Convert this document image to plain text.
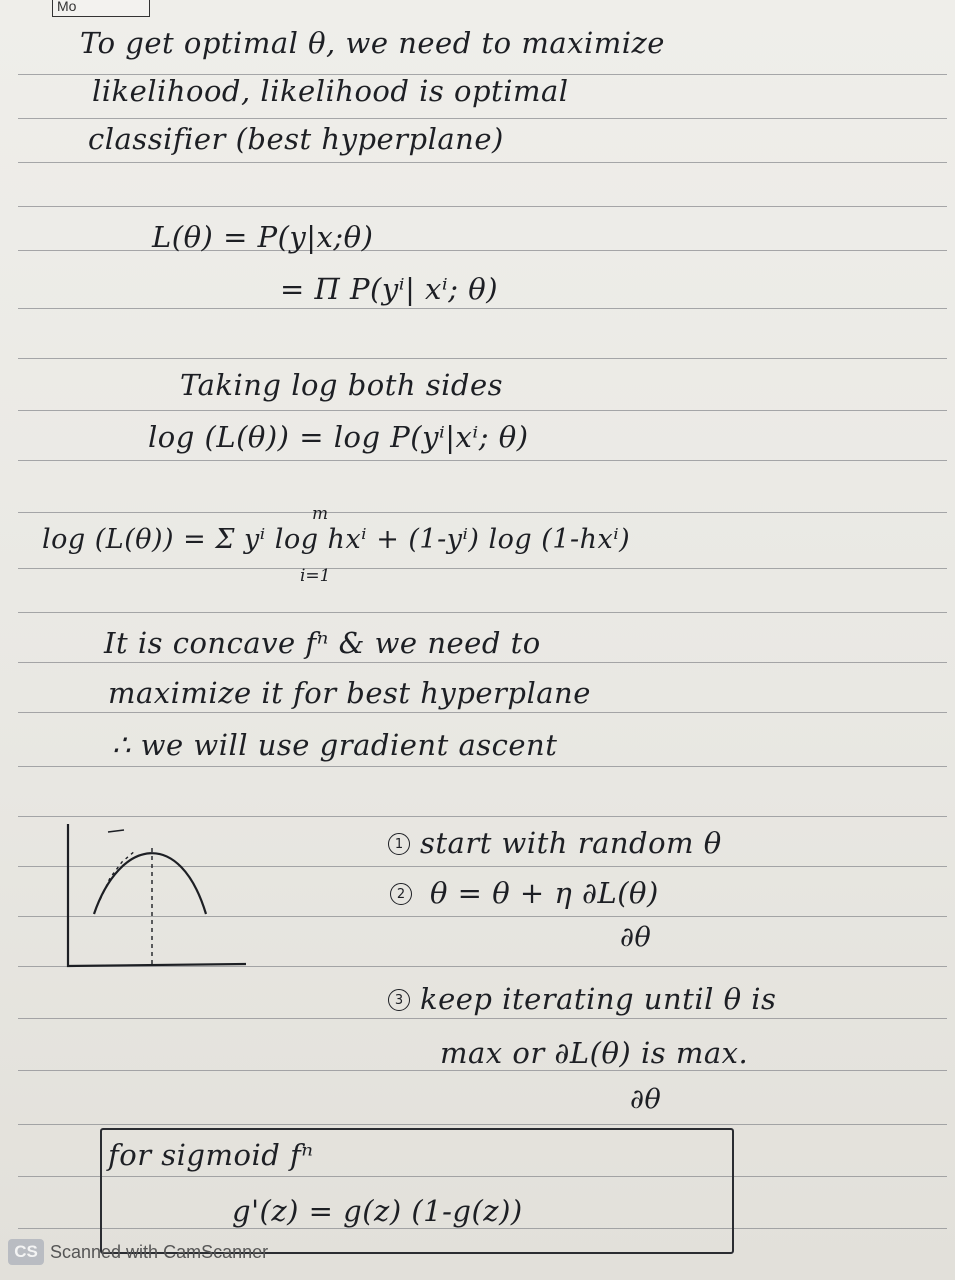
Mo
To get optimal θ, we need to maximize
likelihood, likelihood is optimal
classifier (best hyperplane)
L(θ) = P(y|x;θ)
= Π P(yⁱ| xⁱ; θ)
Taking log both sides
log (L(θ)) = log P(yⁱ|xⁱ; θ)
m
log (L(θ)) = Σ yⁱ log hxⁱ + (1-yⁱ) log (1-hxⁱ)
i=1
It is concave fⁿ & we need to
maximize it for best hyperplane
∴ we will use gradient ascent
1 start with random θ
2 θ = θ + η ∂L(θ)
∂θ
3 keep iterating until θ is
max or ∂L(θ) is max.
∂θ
for sigmoid fⁿ
g'(z) = g(z) (1-g(z))
CS Scanned with CamScanner
